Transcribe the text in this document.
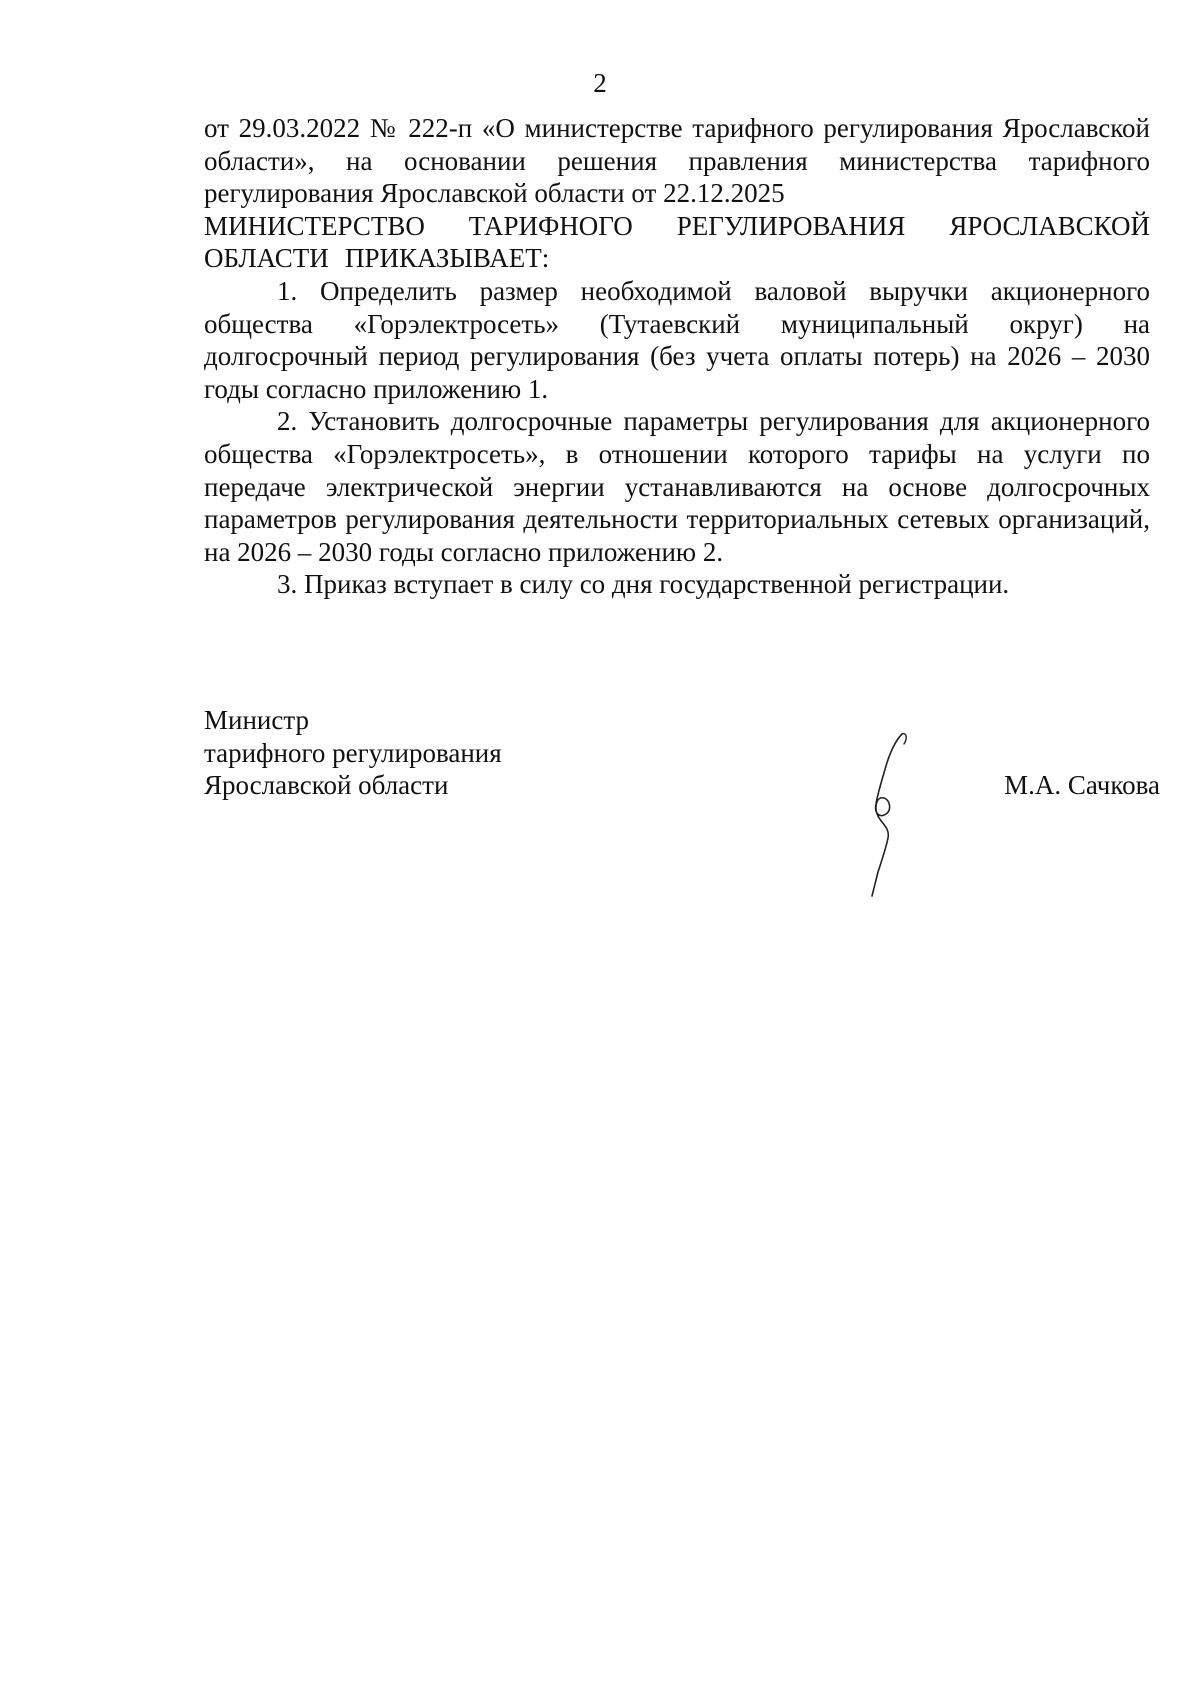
2

от 29.03.2022 № 222-п «О министерстве тарифного регулирования Ярославской области», на основании решения правления министерства тарифного регулирования Ярославской области от 22.12.2025

МИНИСТЕРСТВО ТАРИФНОГО РЕГУЛИРОВАНИЯ ЯРОСЛАВСКОЙ ОБЛАСТИ ПРИКАЗЫВАЕТ:

1. Определить размер необходимой валовой выручки акционерного общества «Горэлектросеть» (Тутаевский муниципальный округ) на долгосрочный период регулирования (без учета оплаты потерь) на 2026 – 2030 годы согласно приложению 1.

2. Установить долгосрочные параметры регулирования для акционерного общества «Горэлектросеть», в отношении которого тарифы на услуги по передаче электрической энергии устанавливаются на основе долгосрочных параметров регулирования деятельности территориальных сетевых организаций, на 2026 – 2030 годы согласно приложению 2.

3. Приказ вступает в силу со дня государственной регистрации.

Министр
тарифного регулирования
Ярославской области	М.А. Сачкова
